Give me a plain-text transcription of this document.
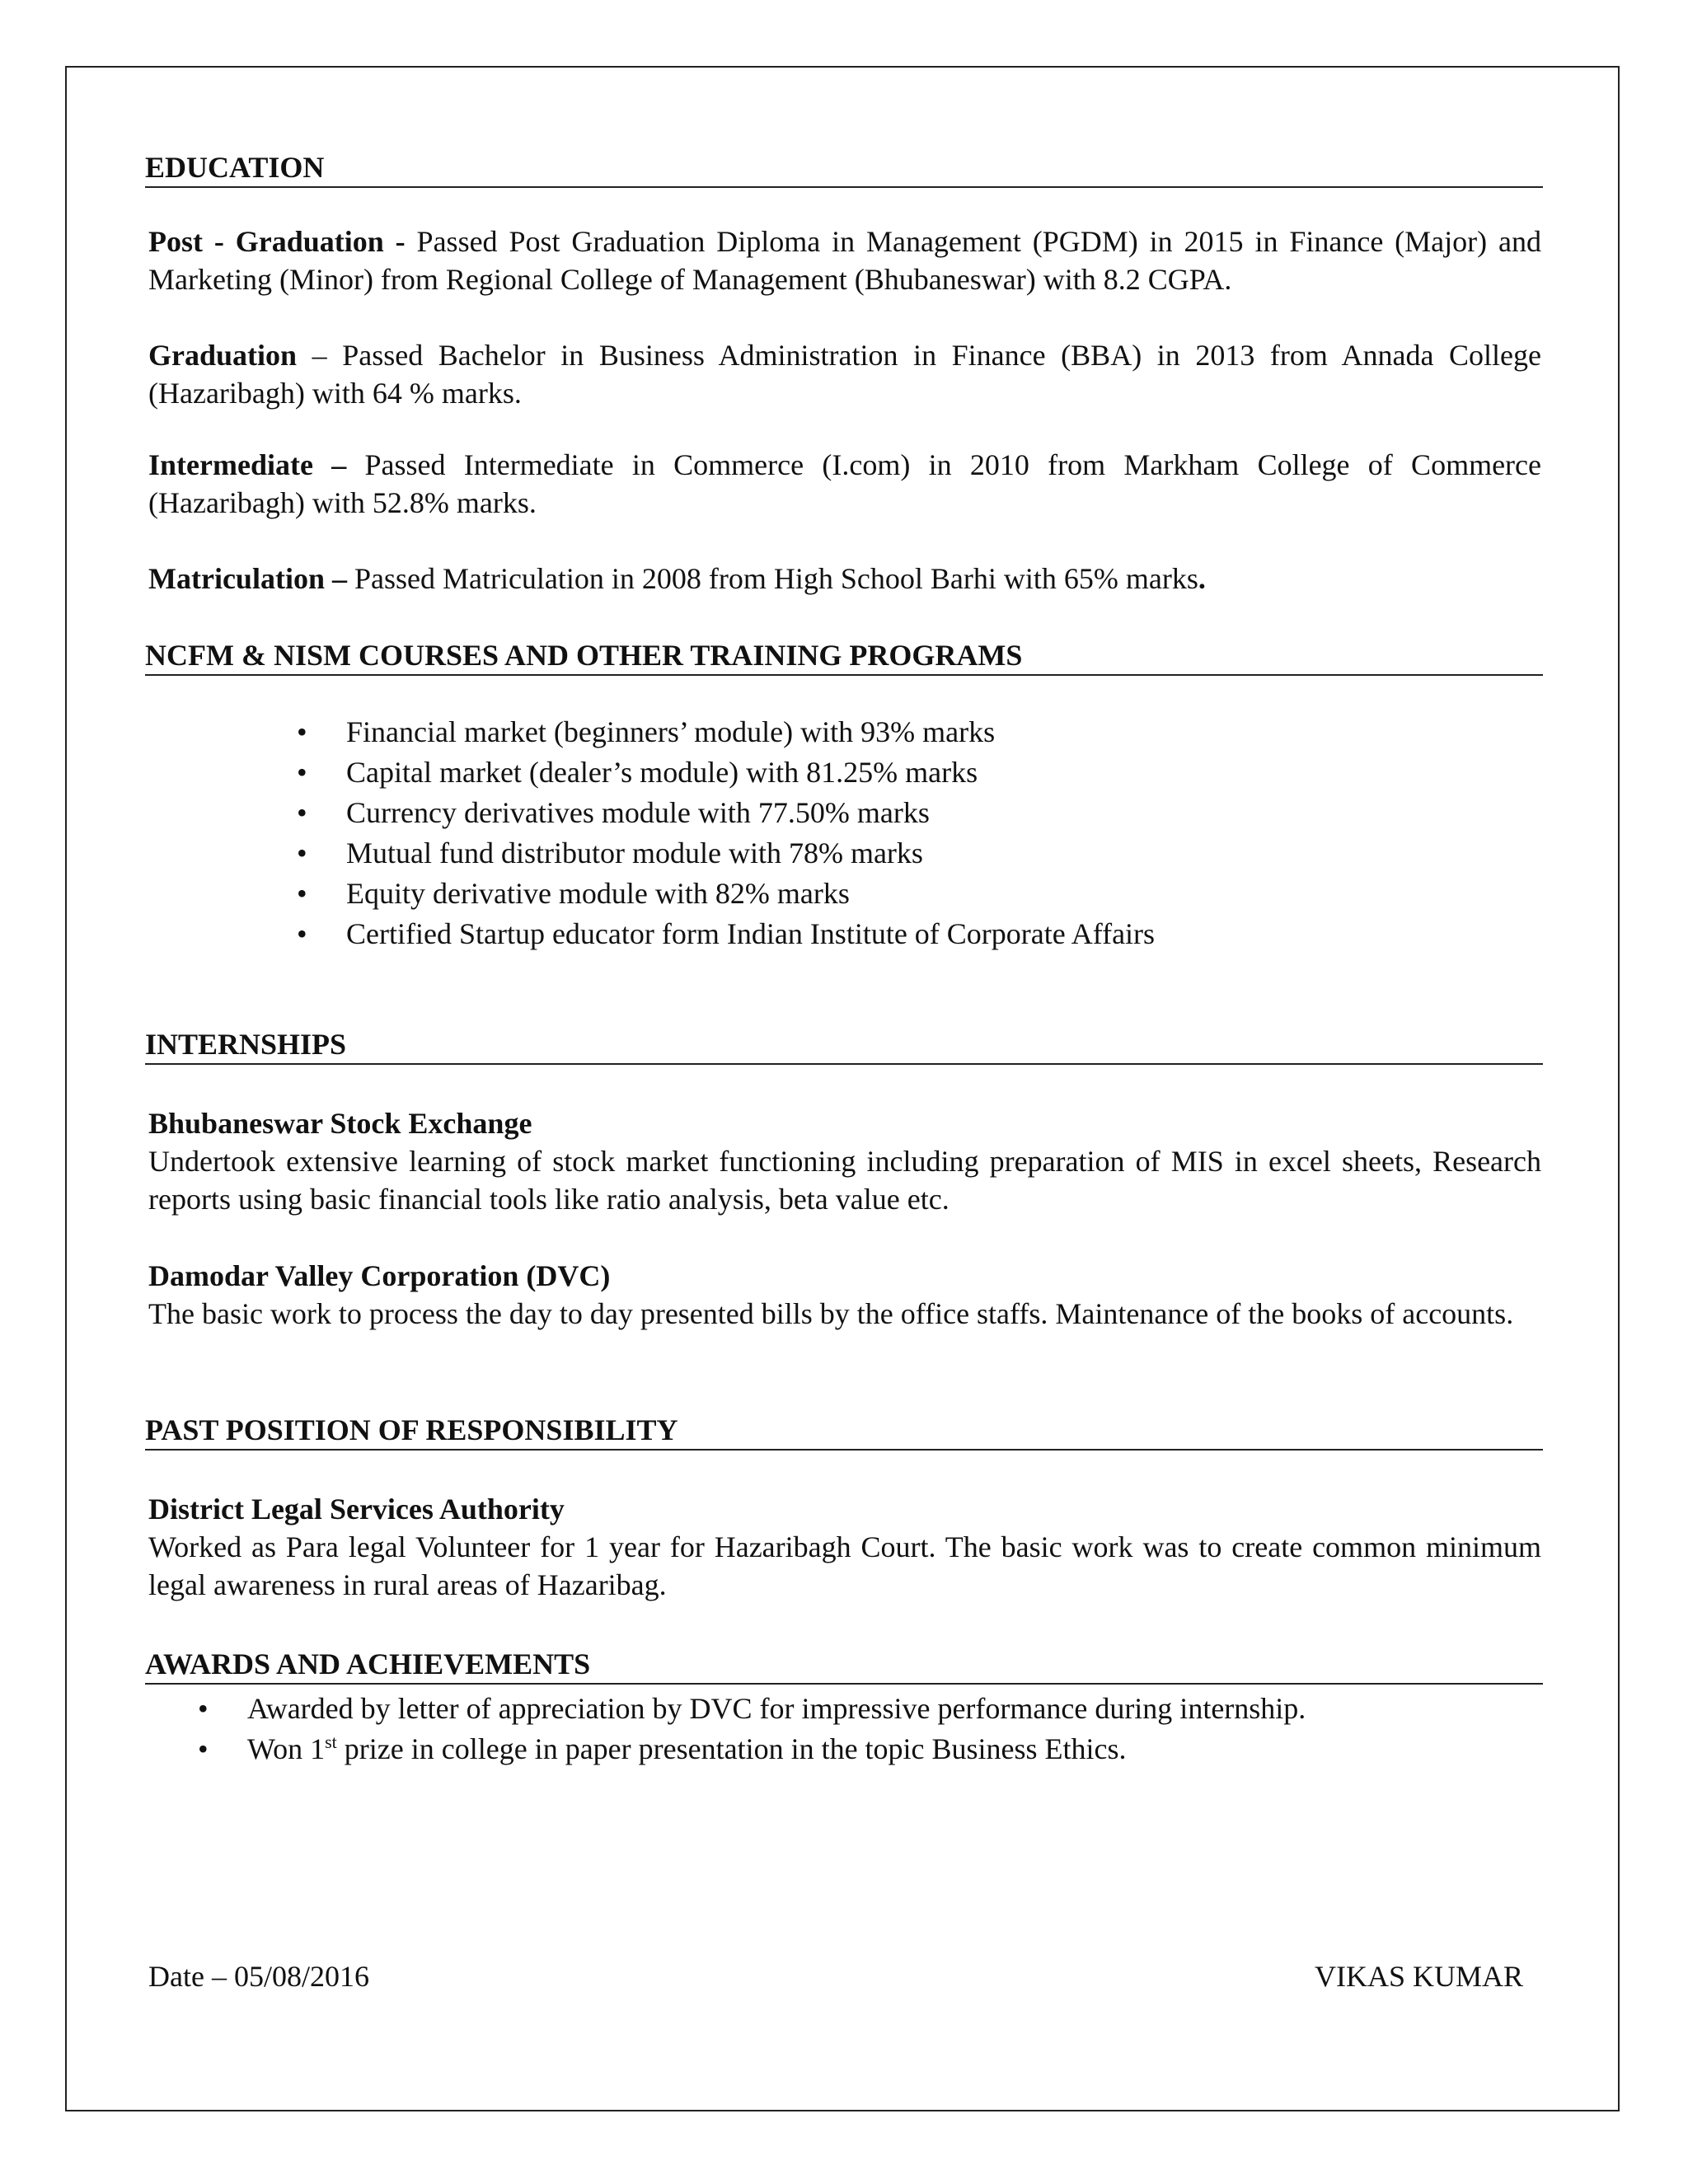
EDUCATION
Post - Graduation - Passed Post Graduation Diploma in Management (PGDM) in 2015 in Finance (Major) and Marketing (Minor) from Regional College of Management (Bhubaneswar) with 8.2 CGPA.
Graduation – Passed Bachelor in Business Administration in Finance (BBA) in 2013 from Annada College (Hazaribagh) with 64 % marks.
Intermediate – Passed Intermediate in Commerce (I.com) in 2010 from Markham College of Commerce (Hazaribagh) with 52.8% marks.
Matriculation – Passed Matriculation in 2008 from High School Barhi with 65% marks.
NCFM & NISM COURSES AND OTHER TRAINING PROGRAMS
• Financial market (beginners’ module) with 93% marks
• Capital market (dealer’s module) with 81.25% marks
• Currency derivatives module with 77.50% marks
• Mutual fund distributor module with 78% marks
• Equity derivative module with 82% marks
• Certified Startup educator form Indian Institute of Corporate Affairs
INTERNSHIPS
Bhubaneswar Stock Exchange
Undertook extensive learning of stock market functioning including preparation of MIS in excel sheets, Research reports using basic financial tools like ratio analysis, beta value etc.
Damodar Valley Corporation (DVC)
The basic work to process the day to day presented bills by the office staffs. Maintenance of the books of accounts.
PAST POSITION OF RESPONSIBILITY
District Legal Services Authority
Worked as Para legal Volunteer for 1 year for Hazaribagh Court. The basic work was to create common minimum legal awareness in rural areas of Hazaribag.
AWARDS AND ACHIEVEMENTS
• Awarded by letter of appreciation by DVC for impressive performance during internship.
• Won 1st prize in college in paper presentation in the topic Business Ethics.
Date – 05/08/2016	VIKAS KUMAR
